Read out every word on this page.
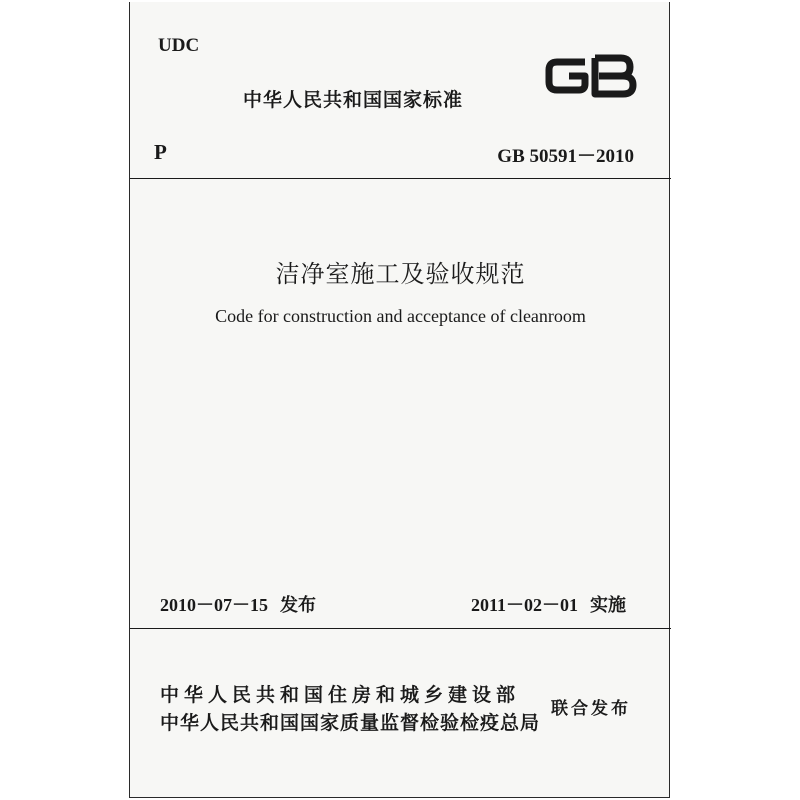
UDC
中华人民共和国国家标准
GB
P	GB 50591－2010
洁净室施工及验收规范
Code for construction and acceptance of cleanroom
2010－07－15 发布	2011－02－01 实施
中华人民共和国住房和城乡建设部
中华人民共和国国家质量监督检验检疫总局
联合发布
